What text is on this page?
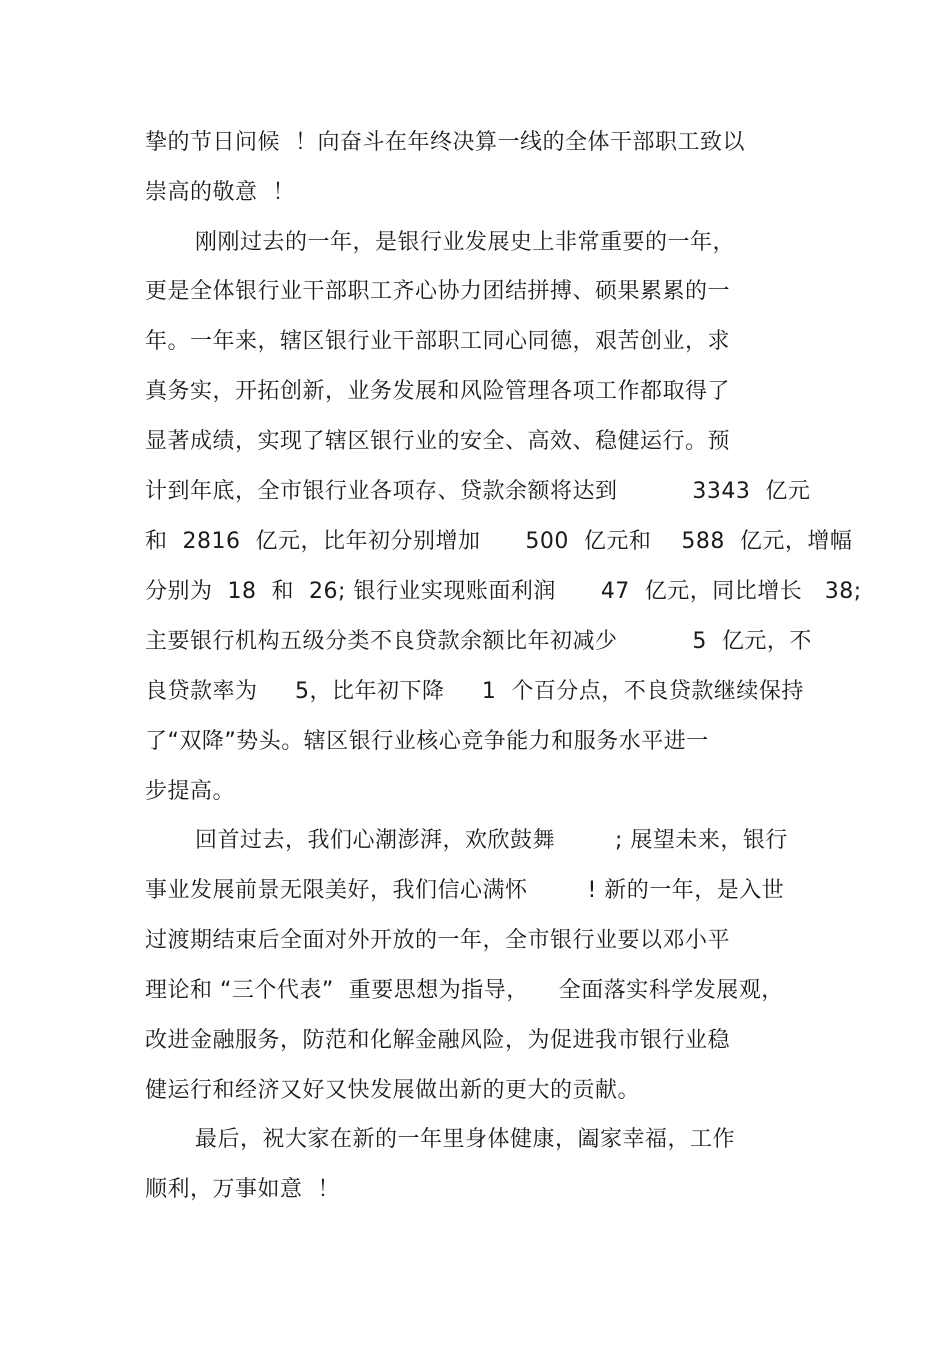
挚的节日问候  ！向奋斗在年终决算一线的全体干部职工致以
崇高的敬意  ！
刚刚过去的一年，是银行业发展史上非常重要的一年，
更是全体银行业干部职工齐心协力团结拼搏、硕果累累的一
年。一年来，辖区银行业干部职工同心同德，艰苦创业，求
真务实，开拓创新，业务发展和风险管理各项工作都取得了
显著成绩，实现了辖区银行业的安全、高效、稳健运行。预
计到年底，全市银行业各项存、贷款余额将达到          3343  亿元
和  2816  亿元，比年初分别增加      500  亿元和    588  亿元，增幅
分别为  18  和  26; 银行业实现账面利润      47  亿元，同比增长   38;
主要银行机构五级分类不良贷款余额比年初减少          5  亿元，不
良贷款率为     5，比年初下降     1  个百分点，不良贷款继续保持
了“双降”势头。辖区银行业核心竞争能力和服务水平进一
步提高。
回首过去，我们心潮澎湃，欢欣鼓舞        ; 展望未来，银行
事业发展前景无限美好，我们信心满怀        ! 新的一年，是入世
过渡期结束后全面对外开放的一年，全市银行业要以邓小平
理论和 “三个代表”  重要思想为指导，    全面落实科学发展观，
改进金融服务，防范和化解金融风险，为促进我市银行业稳
健运行和经济又好又快发展做出新的更大的贡献。
最后，祝大家在新的一年里身体健康，阖家幸福，工作
顺利，万事如意  ！
